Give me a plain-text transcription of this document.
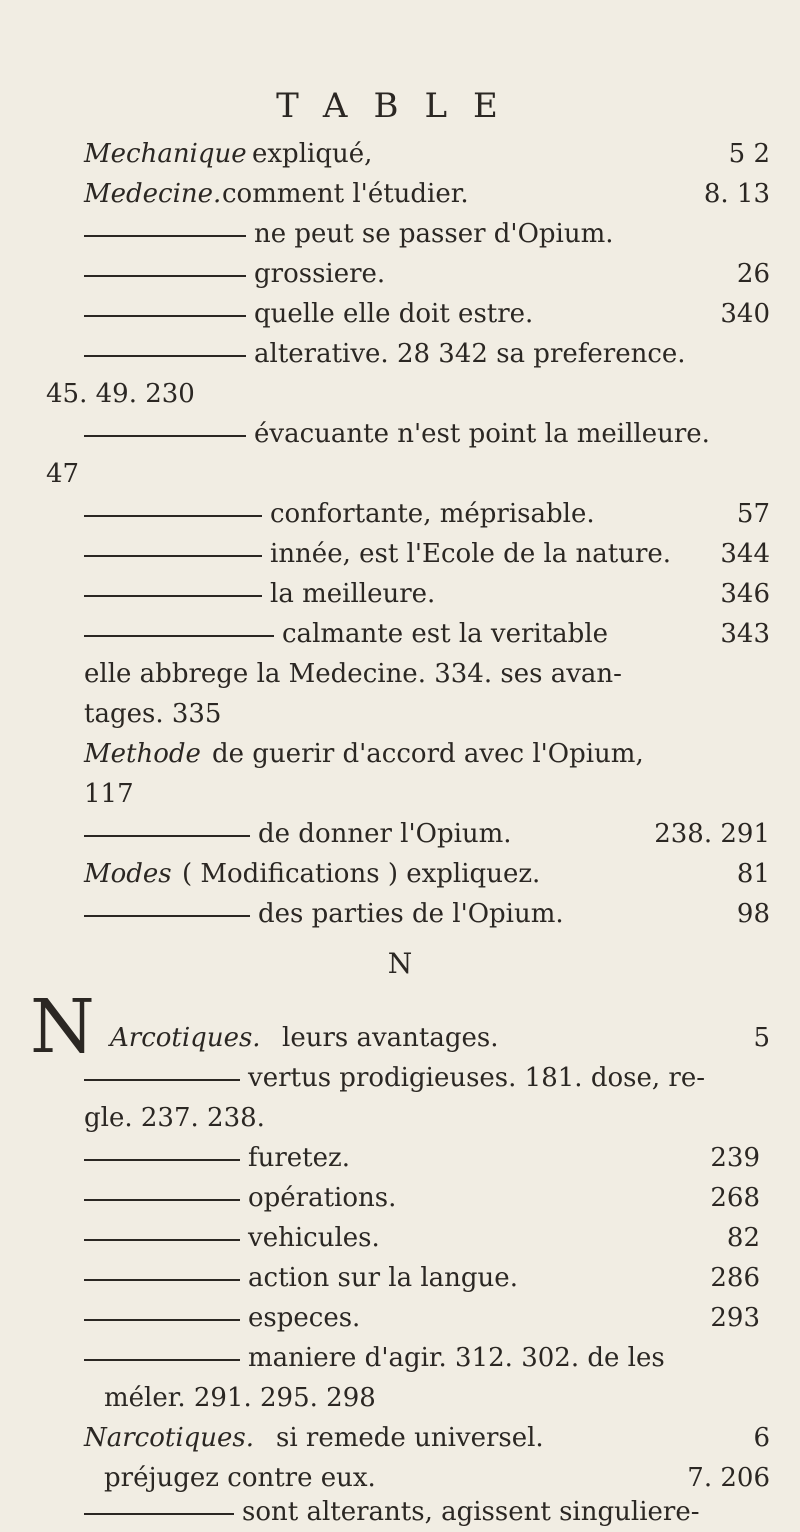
TABLE
Mechanique expliqué,	5 2
Medecine. comment l'étudier.	8. 13
ne peut se passer d'Opium.
grossiere.	26
quelle elle doit estre.	340
alterative. 28 342 sa preference.
45. 49. 230
évacuante n'est point la meilleure.
47
confortante, méprisable.	57
innée, est l'Ecole de la nature. 344
la meilleure.	346
calmante est la veritable	343
elle abbrege la Medecine. 334. ses avan-
tages. 335
Methode de guerir d'accord avec l'Opium,
117
de donner l'Opium.	238. 291
Modes ( Modifications ) expliquez.	81
des parties de l'Opium.	98
N
N Arcotiques. leurs avantages.	5
vertus prodigieuses. 181. dose, re-
gle. 237. 238.
furetez.	239
opérations.	268
vehicules.	82
action sur la langue.	286
especes.	293
maniere d'agir. 312. 302. de les
méler. 291. 295. 298
Narcotiques. si remede universel.	6
préjugez contre eux.	7. 206
sont alterants, agissent singuliere-
